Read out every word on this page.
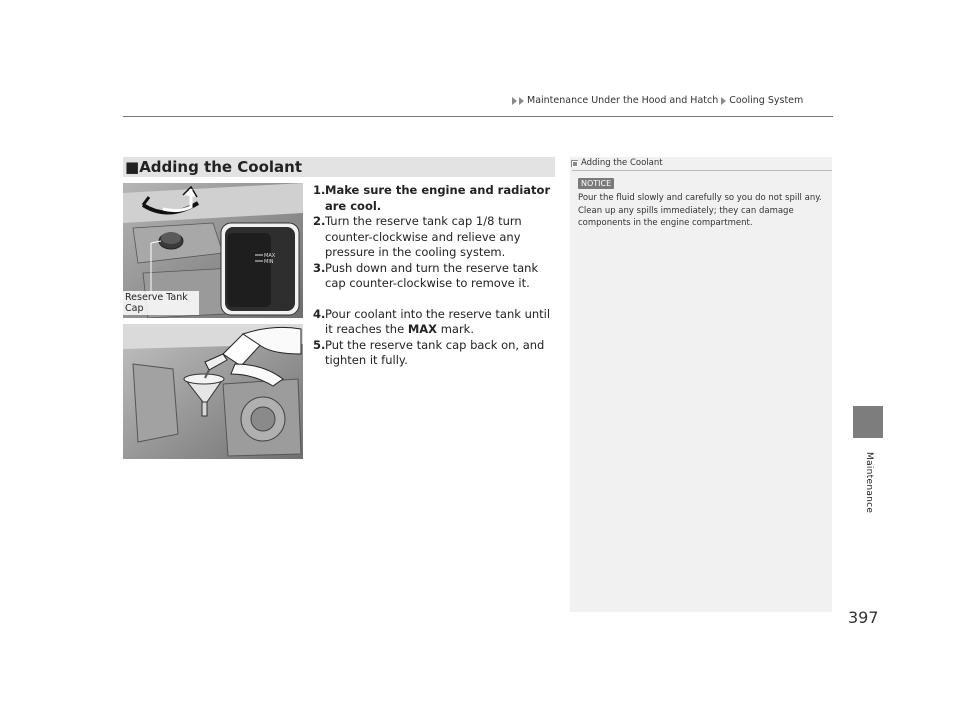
Maintenance Under the Hood and Hatch Cooling System
Maintenance
397
■Adding the Coolant
MAX
MIN
Reserve Tank Cap
1. Make sure the engine and radiator are cool.
2. Turn the reserve tank cap 1/8 turn counter-clockwise and relieve any pressure in the cooling system.
3. Push down and turn the reserve tank cap counter-clockwise to remove it.
4. Pour coolant into the reserve tank until it reaches the MAX mark.
5. Put the reserve tank cap back on, and tighten it fully.
Adding the Coolant
NOTICE
Pour the fluid slowly and carefully so you do not spill any. Clean up any spills immediately; they can damage components in the engine compartment.
